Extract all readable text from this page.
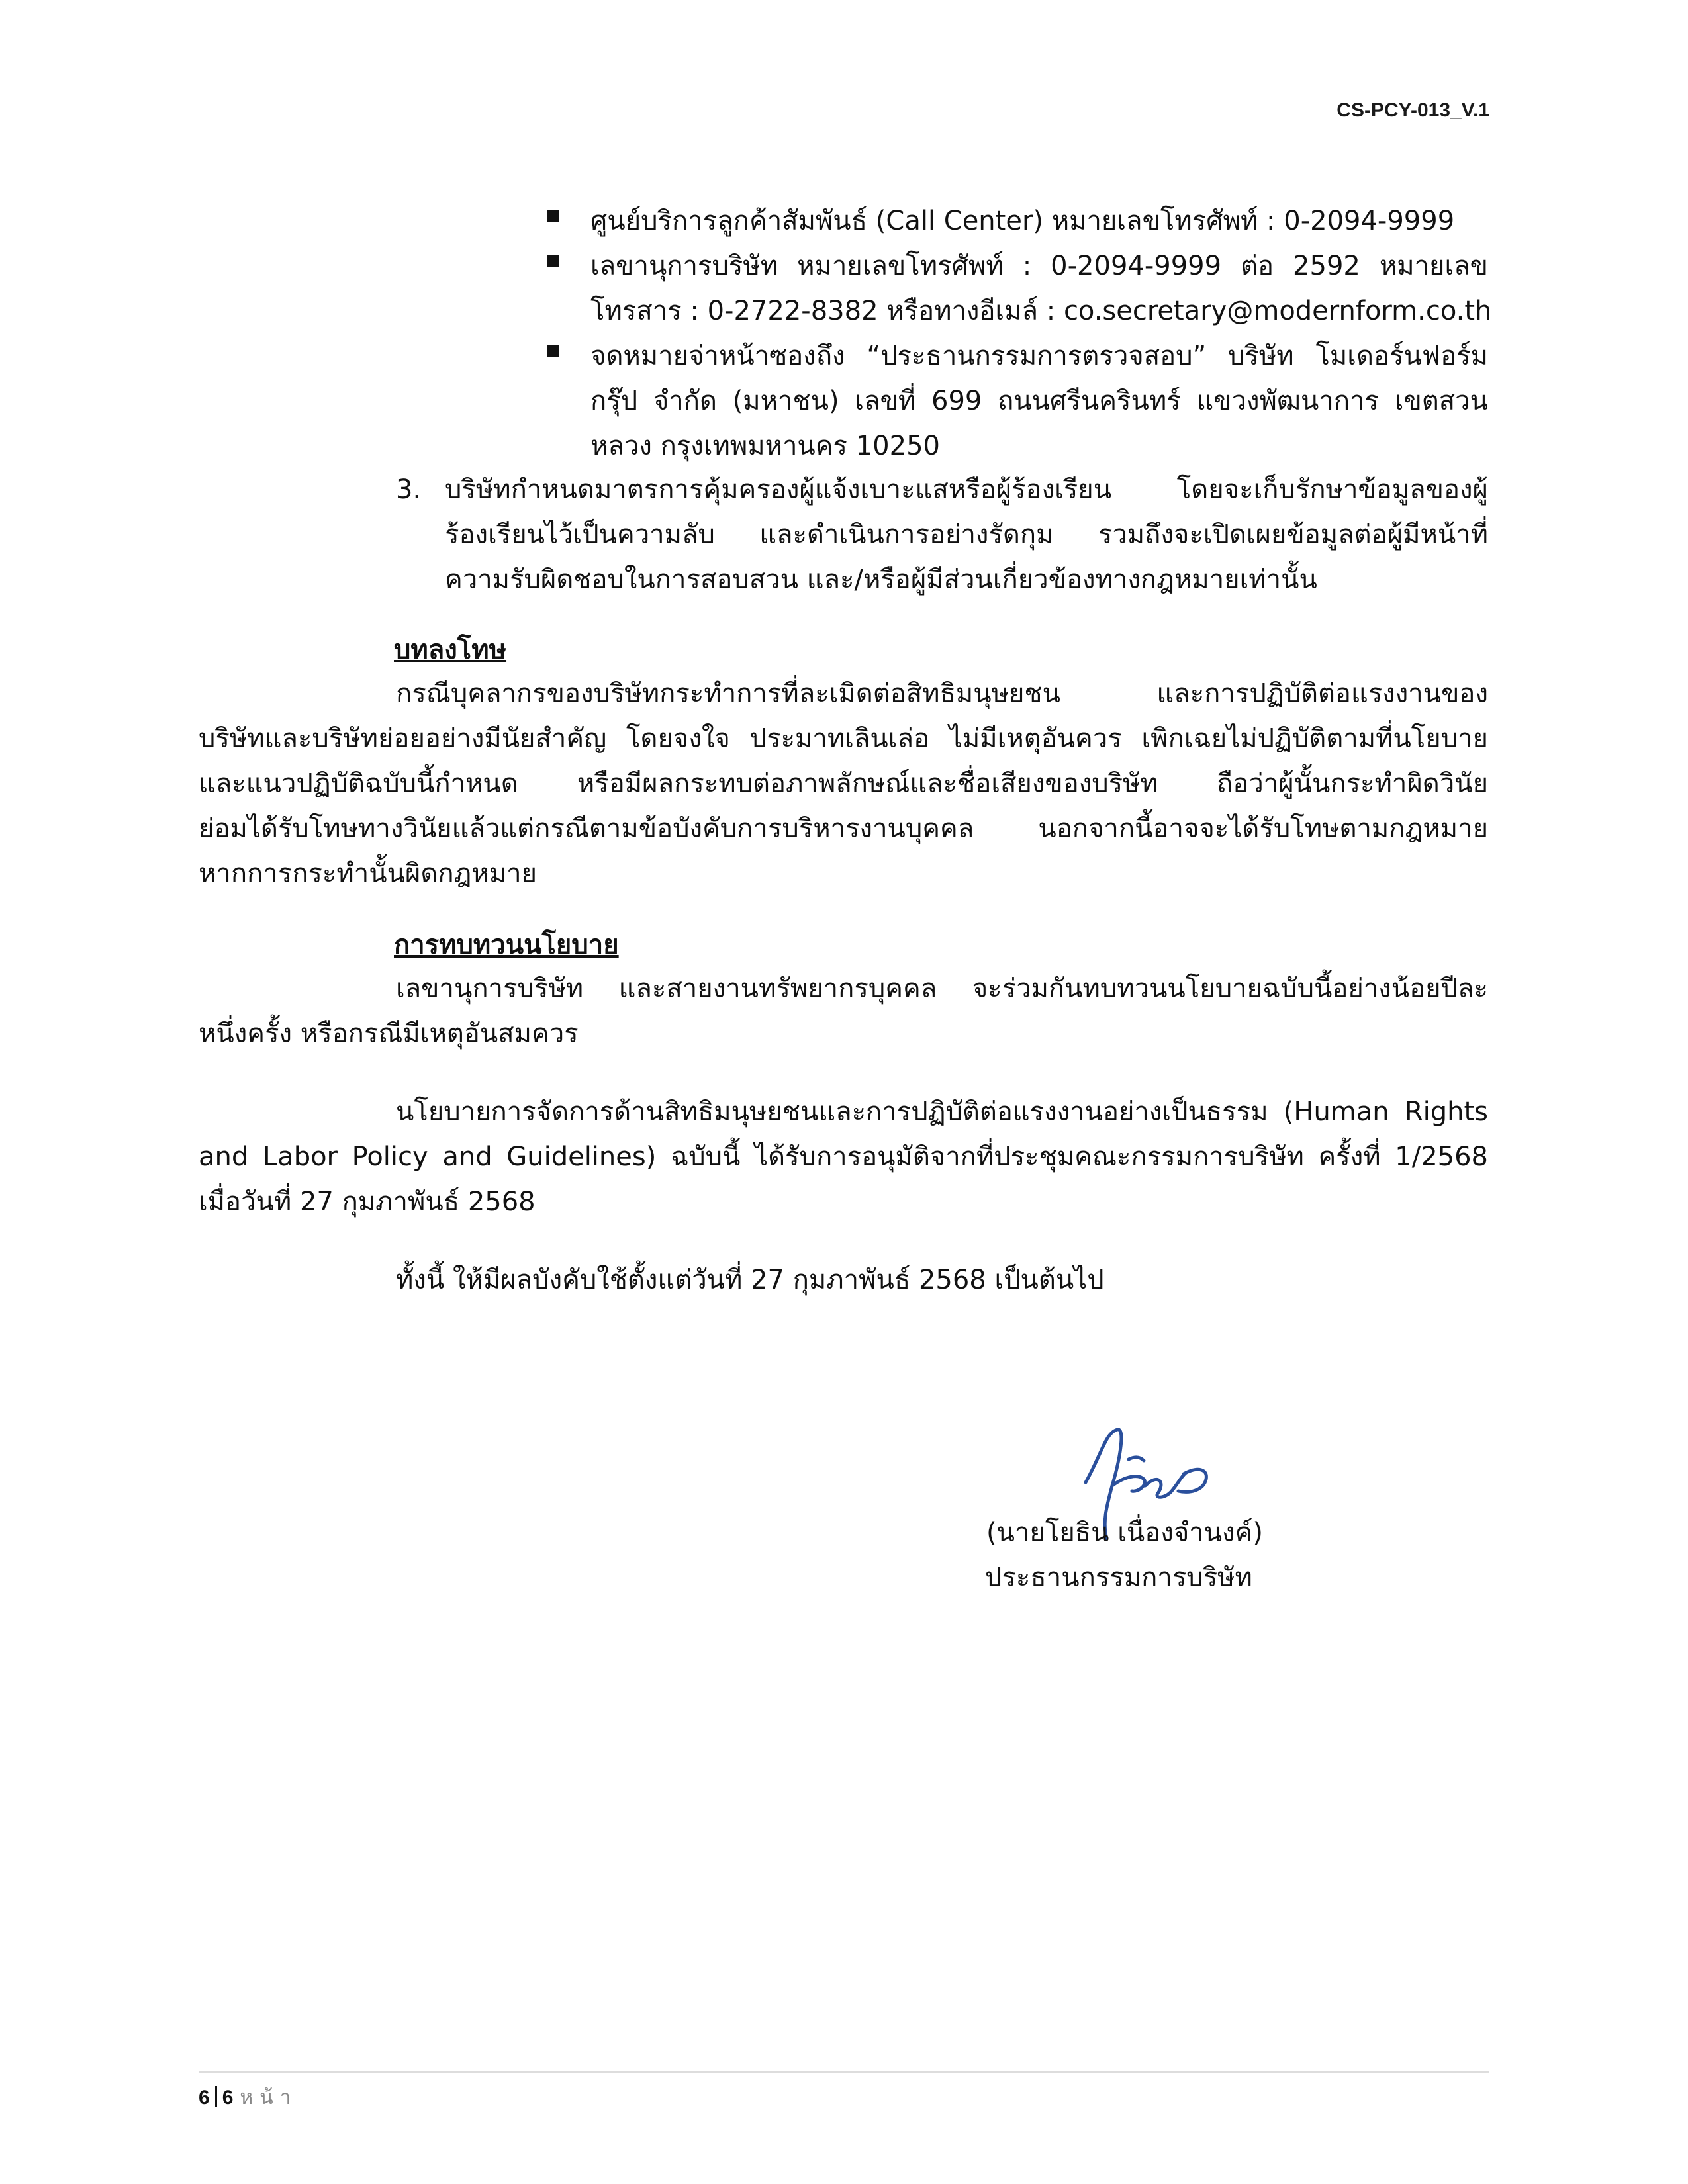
CS-PCY-013_V.1
ศูนย์บริการลูกค้าสัมพันธ์ (Call Center) หมายเลขโทรศัพท์ : 0-2094-9999
เลขานุการบริษัท หมายเลขโทรศัพท์ : 0-2094-9999 ต่อ 2592 หมายเลข
โทรสาร : 0-2722-8382 หรือทางอีเมล์ : co.secretary@modernform.co.th
จดหมายจ่าหน้าซองถึง “ประธานกรรมการตรวจสอบ” บริษัท โมเดอร์นฟอร์ม
กรุ๊ป จำกัด (มหาชน) เลขที่ 699 ถนนศรีนครินทร์ แขวงพัฒนาการ เขตสวน
หลวง กรุงเทพมหานคร 10250
3. บริษัทกำหนดมาตรการคุ้มครองผู้แจ้งเบาะแสหรือผู้ร้องเรียน โดยจะเก็บรักษาข้อมูลของผู้
ร้องเรียนไว้เป็นความลับ และดำเนินการอย่างรัดกุม รวมถึงจะเปิดเผยข้อมูลต่อผู้มีหน้าที่
ความรับผิดชอบในการสอบสวน และ/หรือผู้มีส่วนเกี่ยวข้องทางกฎหมายเท่านั้น
บทลงโทษ
กรณีบุคลากรของบริษัทกระทำการที่ละเมิดต่อสิทธิมนุษยชน และการปฏิบัติต่อแรงงานของ
บริษัทและบริษัทย่อยอย่างมีนัยสำคัญ โดยจงใจ ประมาทเลินเล่อ ไม่มีเหตุอันควร เพิกเฉยไม่ปฏิบัติตามที่นโยบาย
และแนวปฏิบัติฉบับนี้กำหนด หรือมีผลกระทบต่อภาพลักษณ์และชื่อเสียงของบริษัท ถือว่าผู้นั้นกระทำผิดวินัย
ย่อมได้รับโทษทางวินัยแล้วแต่กรณีตามข้อบังคับการบริหารงานบุคคล นอกจากนี้อาจจะได้รับโทษตามกฎหมาย
หากการกระทำนั้นผิดกฎหมาย
การทบทวนนโยบาย
เลขานุการบริษัท และสายงานทรัพยากรบุคคล จะร่วมกันทบทวนนโยบายฉบับนี้อย่างน้อยปีละ
หนึ่งครั้ง หรือกรณีมีเหตุอันสมควร
นโยบายการจัดการด้านสิทธิมนุษยชนและการปฏิบัติต่อแรงงานอย่างเป็นธรรม (Human Rights
and Labor Policy and Guidelines) ฉบับนี้ ได้รับการอนุมัติจากที่ประชุมคณะกรรมการบริษัท ครั้งที่ 1/2568
เมื่อวันที่ 27 กุมภาพันธ์ 2568
ทั้งนี้ ให้มีผลบังคับใช้ตั้งแต่วันที่ 27 กุมภาพันธ์ 2568 เป็นต้นไป
(นายโยธิน เนื่องจำนงค์)
ประธานกรรมการบริษัท
6 6 หน้า
